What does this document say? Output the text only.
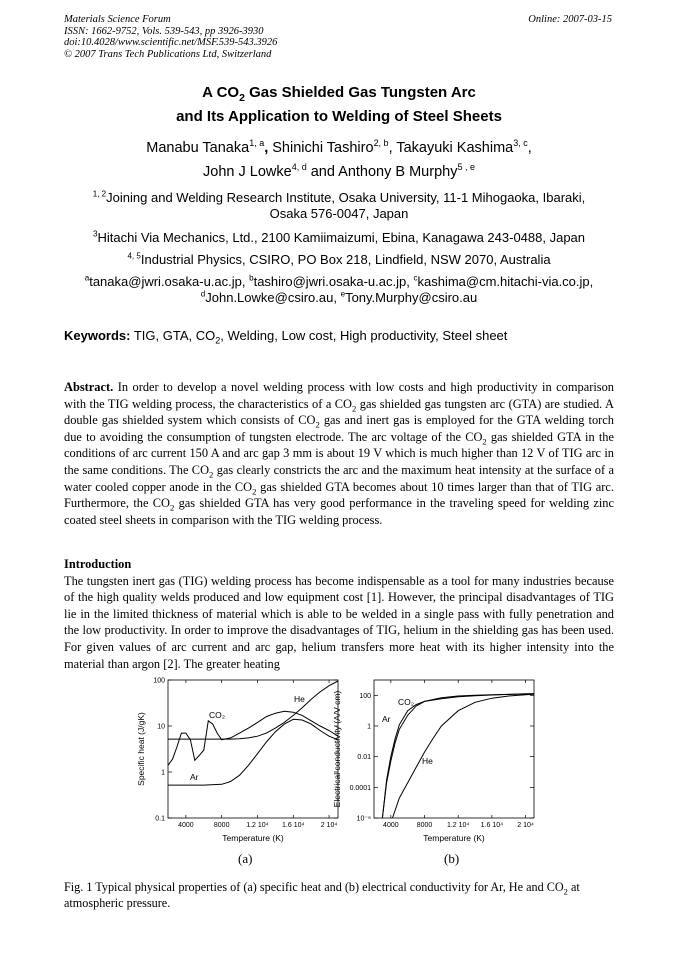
Materials Science Forum
ISSN: 1662-9752, Vols. 539-543, pp 3926-3930
doi:10.4028/www.scientific.net/MSF.539-543.3926
© 2007 Trans Tech Publications Ltd, Switzerland
Online: 2007-03-15
A $CO_2$ Gas Shielded Gas Tungsten Arc
and Its Application to Welding of Steel Sheets
Manabu Tanaka$^{1, a}$, Shinichi Tashiro$^{2, b}$, Takayuki Kashima$^{3, c}$,
John J Lowke$^{4, d}$ and Anthony B Murphy$^{5 , e}$
$^{1, 2}$Joining and Welding Research Institute, Osaka University, 11-1 Mihogaoka, Ibaraki,
Osaka 576-0047, Japan
$^3$Hitachi Via Mechanics, Ltd., 2100 Kamiimaizumi, Ebina, Kanagawa 243-0488, Japan
$^{4, 5}$Industrial Physics, CSIRO, PO Box 218, Lindfield, NSW 2070, Australia
$^a$tanaka@jwri.osaka-u.ac.jp, $^b$tashiro@jwri.osaka-u.ac.jp, $^c$kashima@cm.hitachi-via.co.jp,
$^d$John.Lowke@csiro.au, $^e$Tony.Murphy@csiro.au
Keywords: TIG, GTA, $CO_2$, Welding, Low cost, High productivity, Steel sheet
Abstract. In order to develop a novel welding process with low costs and high productivity in comparison with the TIG welding process, the characteristics of a $CO_2$ gas shielded gas tungsten arc (GTA) are studied. A double gas shielded system which consists of $CO_2$ gas and inert gas is employed for the GTA welding torch due to avoiding the consumption of tungsten electrode. The arc voltage of the $CO_2$ gas shielded GTA in the conditions of arc current 150 A and arc gap 3 mm is about 19 V which is much higher than 12 V of TIG arc in the same conditions. The $CO_2$ gas clearly constricts the arc and the maximum heat intensity at the surface of a water cooled copper anode in the $CO_2$ gas shielded GTA becomes about 10 times larger than that of TIG arc. Furthermore, the $CO_2$ gas shielded GTA has very good performance in the traveling speed for welding zinc coated steel sheets in comparison with the TIG welding process.
Introduction
The tungsten inert gas (TIG) welding process has become indispensable as a tool for many industries because of the high quality welds produced and low equipment cost [1]. However, the principal disadvantages of TIG lie in the limited thickness of material which is able to be welded in a single pass with fully penetration and the low productivity. In order to improve the disadvantages of TIG, helium in the shielding gas has been used. For given values of arc current and arc gap, helium transfers more heat with its higher intensity into the material than argon [2]. The greater heating
4000	8000 1.2 10⁴ 1.6 10⁴ 2 10⁴
0.1
1
10
100
Temperature (K)
Specific heat (J/gK)	Ar
CO₂
He
4000	8000 1.2 10⁴ 1.6 10⁴ 2 10⁴
10⁻⁶
0.0001
0.01
1
100
Temperature (K)
Electrical conductivity (A/V cm)	CO₂
Ar
He
(a)	(b)
Fig. 1 Typical physical properties of (a) specific heat and (b) electrical conductivity for Ar, He and $CO_2$ at atmospheric pressure.
